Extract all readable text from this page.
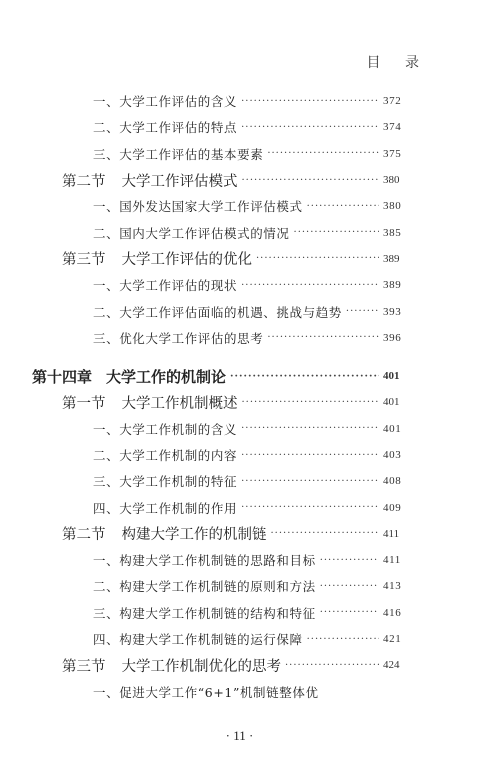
目 录
一、大学工作评估的含义 ·····	372
二、大学工作评估的特点 ·····	374
三、大学工作评估的基本要素 ·····	375
第二节 大学工作评估模式 ·····	380
一、国外发达国家大学工作评估模式 ·····	380
二、国内大学工作评估模式的情况 ·····	385
第三节 大学工作评估的优化 ·····	389
一、大学工作评估的现状 ·····	389
二、大学工作评估面临的机遇、挑战与趋势 ·····	393
三、优化大学工作评估的思考 ·····	396
第十四章 大学工作的机制论 ·····	401
第一节 大学工作机制概述 ·····	401
一、大学工作机制的含义 ·····	401
二、大学工作机制的内容 ·····	403
三、大学工作机制的特征 ·····	408
四、大学工作机制的作用 ·····	409
第二节 构建大学工作的机制链 ·····	411
一、构建大学工作机制链的思路和目标 ·····	411
二、构建大学工作机制链的原则和方法 ·····	413
三、构建大学工作机制链的结构和特征 ·····	416
四、构建大学工作机制链的运行保障 ·····	421
第三节 大学工作机制优化的思考 ·····	424
一、促进大学工作“6+1”机制链整体优
· 11 ·
